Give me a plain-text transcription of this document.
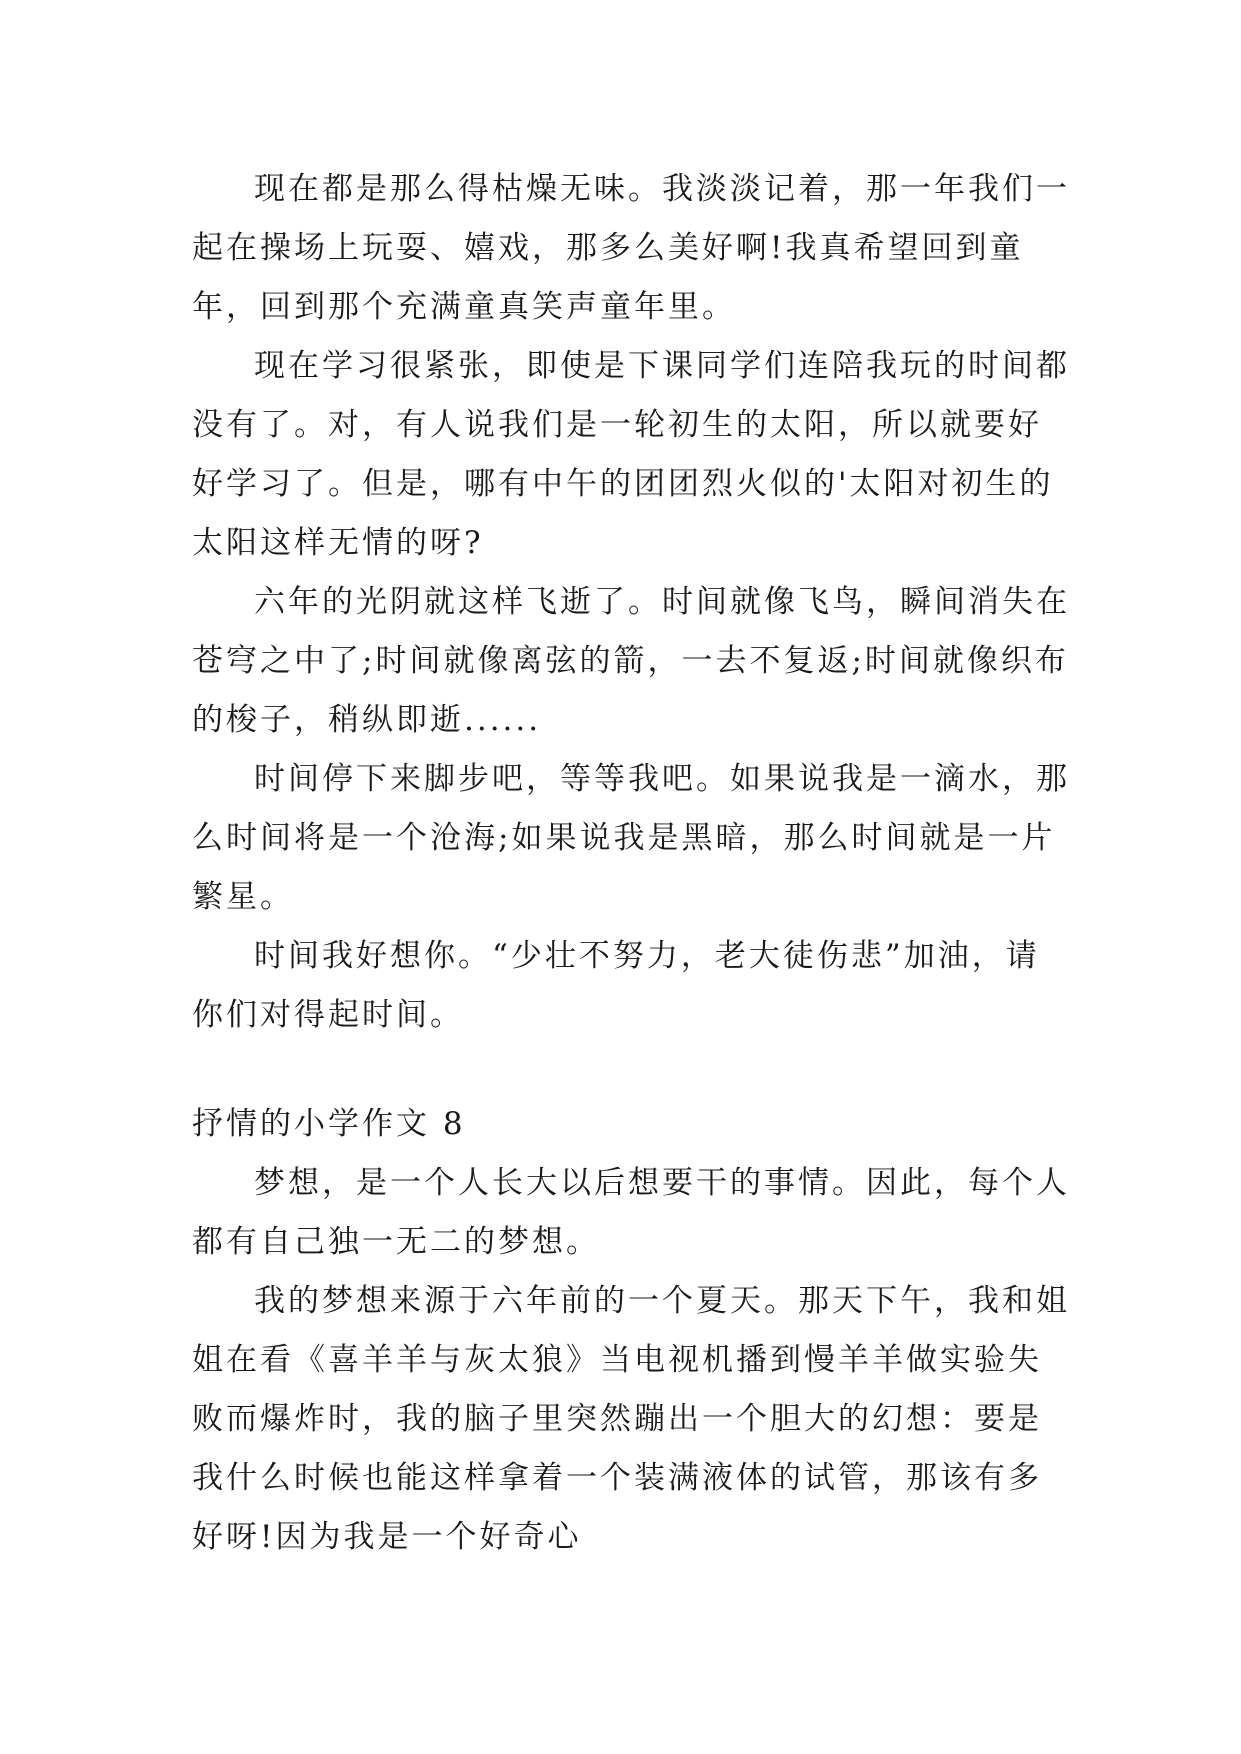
现在都是那么得枯燥无味。我淡淡记着，那一年我们一起在操场上玩耍、嬉戏，那多么美好啊!我真希望回到童年，回到那个充满童真笑声童年里。

现在学习很紧张，即使是下课同学们连陪我玩的时间都没有了。对，有人说我们是一轮初生的太阳，所以就要好好学习了。但是，哪有中午的团团烈火似的'太阳对初生的太阳这样无情的呀?

六年的光阴就这样飞逝了。时间就像飞鸟，瞬间消失在苍穹之中了;时间就像离弦的箭，一去不复返;时间就像织布的梭子，稍纵即逝......

时间停下来脚步吧，等等我吧。如果说我是一滴水，那么时间将是一个沧海;如果说我是黑暗，那么时间就是一片繁星。

时间我好想你。“少壮不努力，老大徒伤悲”加油，请你们对得起时间。

抒情的小学作文 8

梦想，是一个人长大以后想要干的事情。因此，每个人都有自己独一无二的梦想。

我的梦想来源于六年前的一个夏天。那天下午，我和姐姐在看《喜羊羊与灰太狼》当电视机播到慢羊羊做实验失败而爆炸时，我的脑子里突然蹦出一个胆大的幻想：要是我什么时候也能这样拿着一个装满液体的试管，那该有多好呀!因为我是一个好奇心
